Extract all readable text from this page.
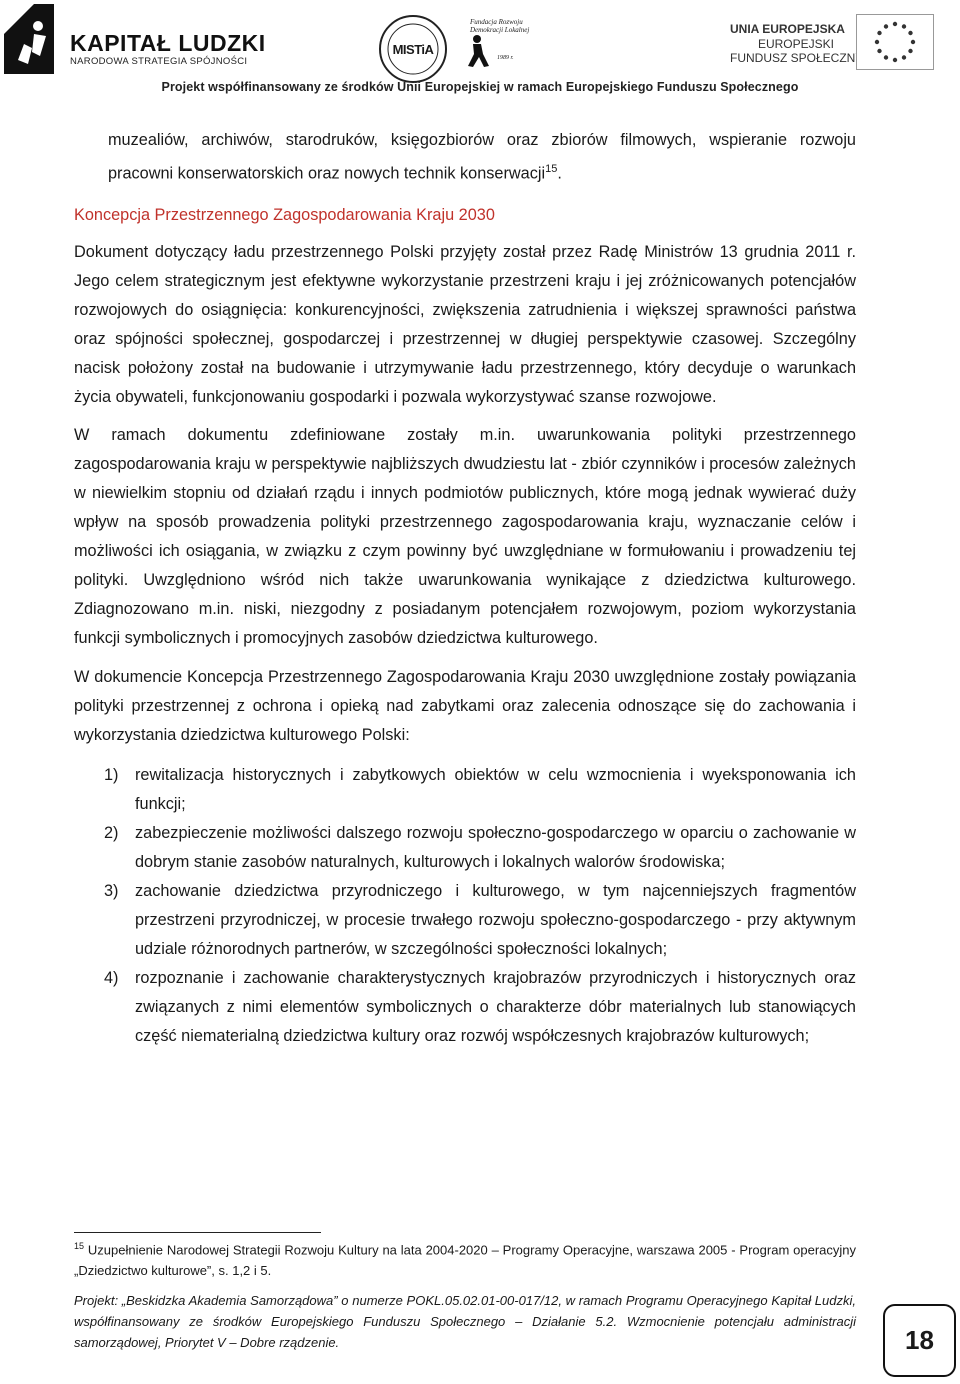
KAPITAŁ LUDZKI
NARODOWA STRATEGIA SPÓJNOŚCI
MISTiA
Fundacja Rozwoju
Demokracji Lokalnej
1989 r.
UNIA EUROPEJSKA
EUROPEJSKI
FUNDUSZ SPOŁECZNY
Projekt współfinansowany ze środków Unii Europejskiej w ramach Europejskiego Funduszu Społecznego

muzealiów, archiwów, starodruków, księgozbiorów oraz zbiorów filmowych, wspieranie rozwoju pracowni konserwatorskich oraz nowych technik konserwacji$^{15}$.

Koncepcja Przestrzennego Zagospodarowania Kraju 2030

Dokument dotyczący ładu przestrzennego Polski przyjęty został przez Radę Ministrów 13 grudnia 2011 r. Jego celem strategicznym jest efektywne wykorzystanie przestrzeni kraju i jej zróżnicowanych potencjałów rozwojowych do osiągnięcia: konkurencyjności, zwiększenia zatrudnienia i większej sprawności państwa oraz spójności społecznej, gospodarczej i przestrzennej w długiej perspektywie czasowej. Szczególny nacisk położony został na budowanie i utrzymywanie ładu przestrzennego, który decyduje o warunkach życia obywateli, funkcjonowaniu gospodarki i pozwala wykorzystywać szanse rozwojowe.

W ramach dokumentu zdefiniowane zostały m.in. uwarunkowania polityki przestrzennego zagospodarowania kraju w perspektywie najbliższych dwudziestu lat - zbiór czynników i procesów zależnych w niewielkim stopniu od działań rządu i innych podmiotów publicznych, które mogą jednak wywierać duży wpływ na sposób prowadzenia polityki przestrzennego zagospodarowania kraju, wyznaczanie celów i możliwości ich osiągania, w związku z czym powinny być uwzględniane w formułowaniu i prowadzeniu tej polityki. Uwzględniono wśród nich także uwarunkowania wynikające z dziedzictwa kulturowego. Zdiagnozowano m.in. niski, niezgodny z posiadanym potencjałem rozwojowym, poziom wykorzystania funkcji symbolicznych i promocyjnych zasobów dziedzictwa kulturowego.

W dokumencie Koncepcja Przestrzennego Zagospodarowania Kraju 2030 uwzględnione zostały powiązania polityki przestrzennej z ochrona i opieką nad zabytkami oraz zalecenia odnoszące się do zachowania i wykorzystania dziedzictwa kulturowego Polski:

1) rewitalizacja historycznych i zabytkowych obiektów w celu wzmocnienia i wyeksponowania ich funkcji;
2) zabezpieczenie możliwości dalszego rozwoju społeczno-gospodarczego w oparciu o zachowanie w dobrym stanie zasobów naturalnych, kulturowych i lokalnych walorów środowiska;
3) zachowanie dziedzictwa przyrodniczego i kulturowego, w tym najcenniejszych fragmentów przestrzeni przyrodniczej, w procesie trwałego rozwoju społeczno-gospodarczego - przy aktywnym udziale różnorodnych partnerów, w szczególności społeczności lokalnych;
4) rozpoznanie i zachowanie charakterystycznych krajobrazów przyrodniczych i historycznych oraz związanych z nimi elementów symbolicznych o charakterze dóbr materialnych lub stanowiących część niematerialną dziedzictwa kultury oraz rozwój współczesnych krajobrazów kulturowych;
$^{15}$ Uzupełnienie Narodowej Strategii Rozwoju Kultury na lata 2004-2020 – Programy Operacyjne, warszawa 2005 - Program operacyjny „Dziedzictwo kulturowe”, s. 1,2 i 5.
Projekt: „Beskidzka Akademia Samorządowa” o numerze POKL.05.02.01-00-017/12, w ramach Programu Operacyjnego Kapitał Ludzki, współfinansowany ze środków Europejskiego Funduszu Społecznego – Działanie 5.2. Wzmocnienie potencjału administracji samorządowej, Priorytet V – Dobre rządzenie.	18
